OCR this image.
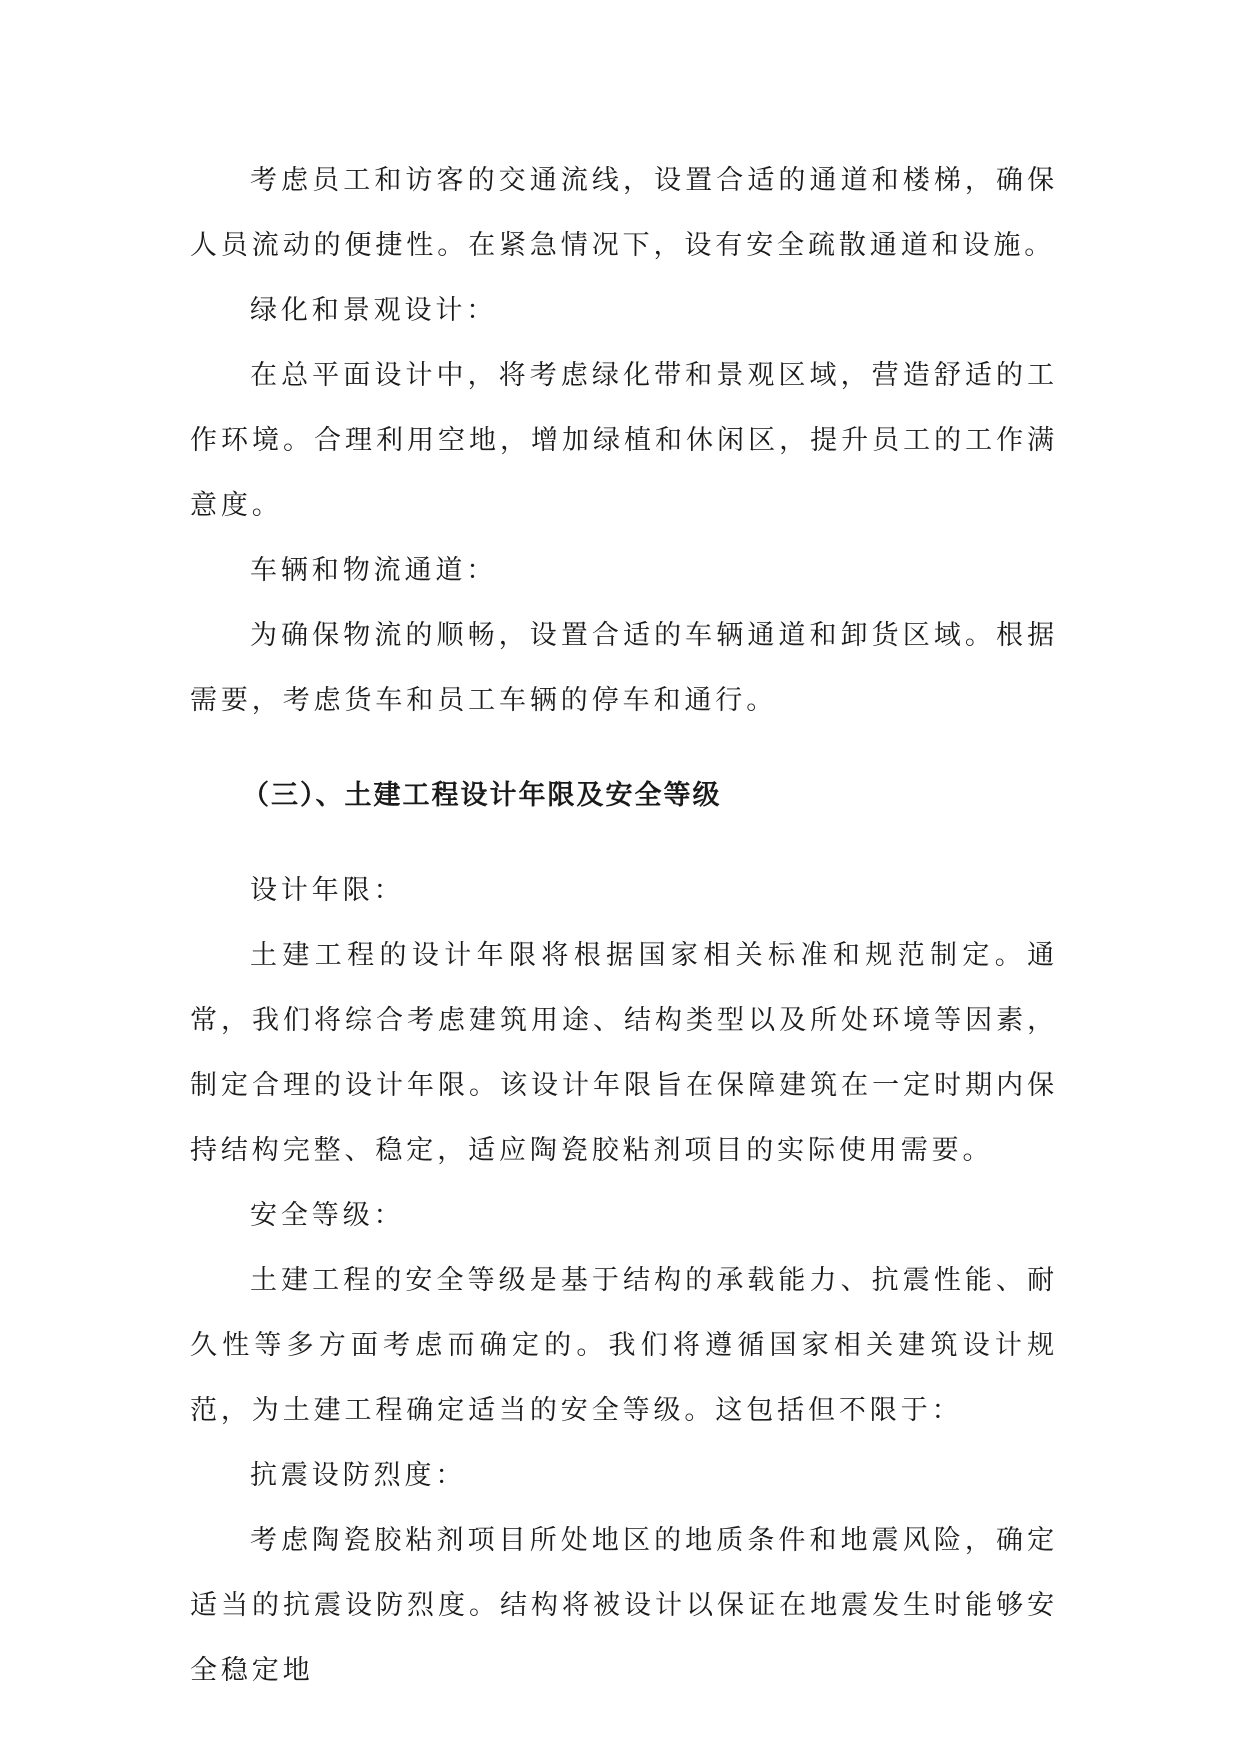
考虑员工和访客的交通流线，设置合适的通道和楼梯，确保人员流动的便捷性。在紧急情况下，设有安全疏散通道和设施。

绿化和景观设计：

在总平面设计中，将考虑绿化带和景观区域，营造舒适的工作环境。合理利用空地，增加绿植和休闲区，提升员工的工作满意度。

车辆和物流通道：

为确保物流的顺畅，设置合适的车辆通道和卸货区域。根据需要，考虑货车和员工车辆的停车和通行。

（三）、土建工程设计年限及安全等级

设计年限：

土建工程的设计年限将根据国家相关标准和规范制定。通常，我们将综合考虑建筑用途、结构类型以及所处环境等因素，制定合理的设计年限。该设计年限旨在保障建筑在一定时期内保持结构完整、稳定，适应陶瓷胶粘剂项目的实际使用需要。

安全等级：

土建工程的安全等级是基于结构的承载能力、抗震性能、耐久性等多方面考虑而确定的。我们将遵循国家相关建筑设计规范，为土建工程确定适当的安全等级。这包括但不限于：

抗震设防烈度：

考虑陶瓷胶粘剂项目所处地区的地质条件和地震风险，确定适当的抗震设防烈度。结构将被设计以保证在地震发生时能够安全稳定地
